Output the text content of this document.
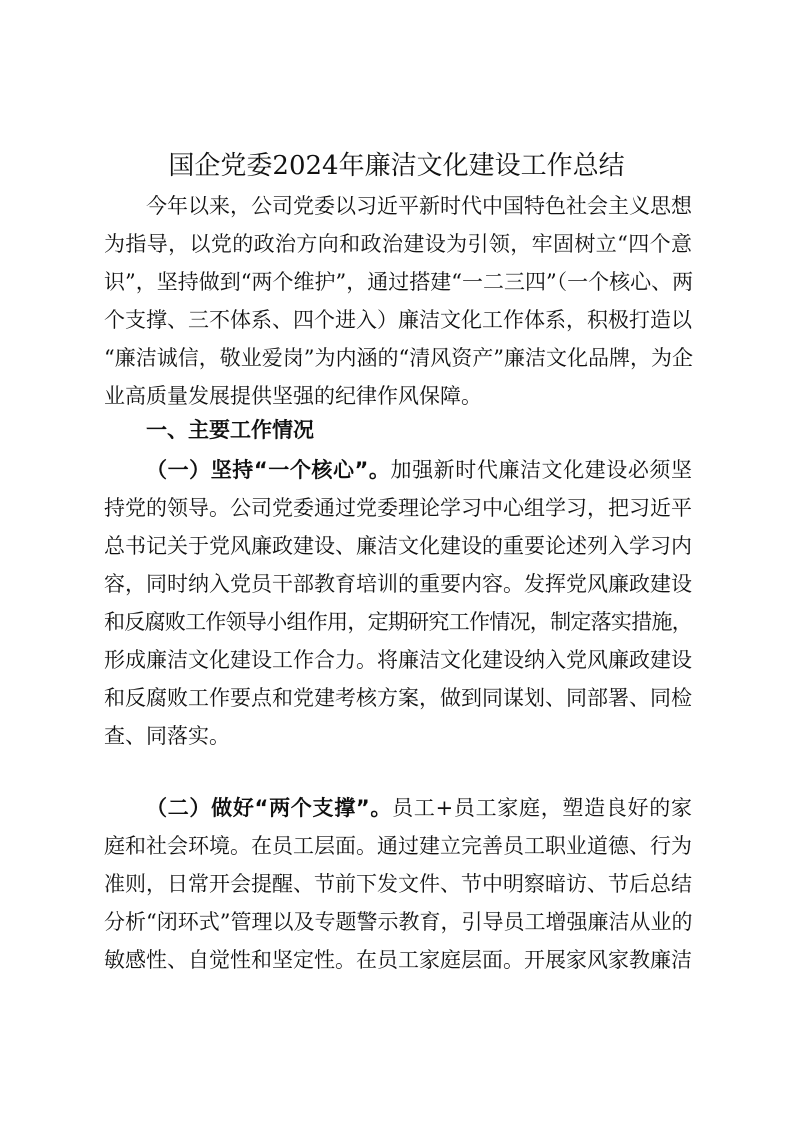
国企党委2024年廉洁文化建设工作总结
今年以来，公司党委以习近平新时代中国特色社会主义思想
为指导，以党的政治方向和政治建设为引领，牢固树立“四个意
识”，坚持做到“两个维护”，通过搭建“一二三四”（一个核心、两
个支撑、三不体系、四个进入）廉洁文化工作体系，积极打造以
“廉洁诚信，敬业爱岗”为内涵的“清风资产”廉洁文化品牌，为企
业高质量发展提供坚强的纪律作风保障。
一、主要工作情况
（一）坚持“一个核心”。加强新时代廉洁文化建设必须坚
持党的领导。公司党委通过党委理论学习中心组学习，把习近平
总书记关于党风廉政建设、廉洁文化建设的重要论述列入学习内
容，同时纳入党员干部教育培训的重要内容。发挥党风廉政建设
和反腐败工作领导小组作用，定期研究工作情况，制定落实措施，
形成廉洁文化建设工作合力。将廉洁文化建设纳入党风廉政建设
和反腐败工作要点和党建考核方案，做到同谋划、同部署、同检
查、同落实。
（二）做好“两个支撑”。员工+员工家庭，塑造良好的家
庭和社会环境。在员工层面。通过建立完善员工职业道德、行为
准则，日常开会提醒、节前下发文件、节中明察暗访、节后总结
分析“闭环式”管理以及专题警示教育，引导员工增强廉洁从业的
敏感性、自觉性和坚定性。在员工家庭层面。开展家风家教廉洁
